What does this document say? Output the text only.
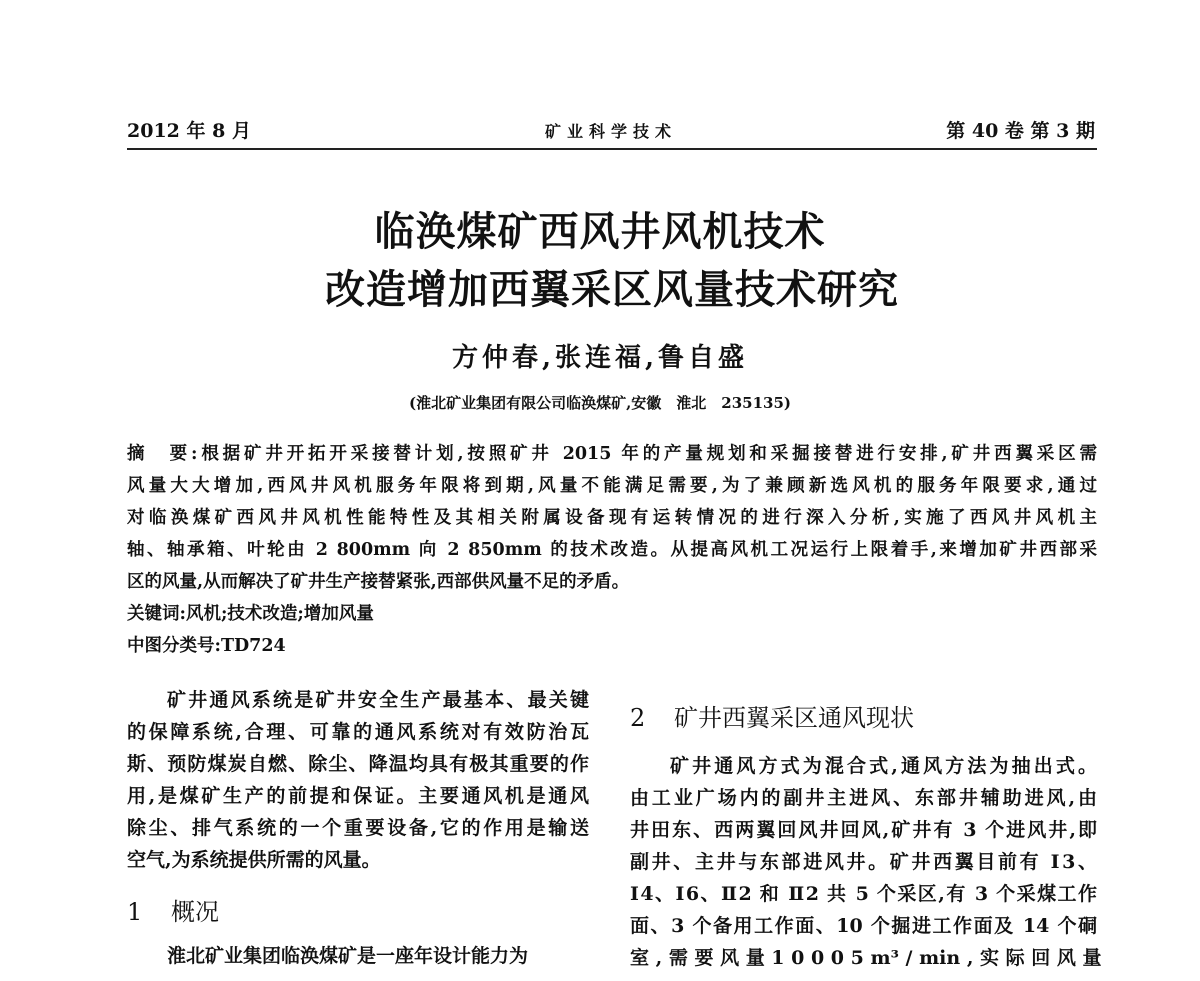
2012 年 8 月	矿业科学技术	第 40 卷 第 3 期
临涣煤矿西风井风机技术
改造增加西翼采区风量技术研究
方仲春,张连福,鲁自盛
(淮北矿业集团有限公司临涣煤矿,安徽　淮北　235135)
摘　要:根据矿井开拓开采接替计划,按照矿井 2015 年的产量规划和采掘接替进行安排,矿井西翼采区需
风量大大增加,西风井风机服务年限将到期,风量不能满足需要,为了兼顾新选风机的服务年限要求,通过
对临涣煤矿西风井风机性能特性及其相关附属设备现有运转情况的进行深入分析,实施了西风井风机主
轴、轴承箱、叶轮由 2 800mm 向 2 850mm 的技术改造。从提高风机工况运行上限着手,来增加矿井西部采
区的风量,从而解决了矿井生产接替紧张,西部供风量不足的矛盾。
关键词:风机;技术改造;增加风量
中图分类号:TD724
矿井通风系统是矿井安全生产最基本、最关键
的保障系统,合理、可靠的通风系统对有效防治瓦
斯、预防煤炭自燃、除尘、降温均具有极其重要的作
用,是煤矿生产的前提和保证。主要通风机是通风
除尘、排气系统的一个重要设备,它的作用是输送
空气,为系统提供所需的风量。
1 概况
淮北矿业集团临涣煤矿是一座年设计能力为
2 矿井西翼采区通风现状
矿井通风方式为混合式,通风方法为抽出式。
由工业广场内的副井主进风、东部井辅助进风,由
井田东、西两翼回风井回风,矿井有 3 个进风井,即
副井、主井与东部进风井。矿井西翼目前有 Ⅰ3、
Ⅰ4、Ⅰ6、Ⅱ2 和 Ⅱ2 共 5 个采区,有 3 个采煤工作
面、3 个备用工作面、10 个掘进工作面及 14 个硐
室 , 需 要 风 量 1 0 0 0 5 m³ / min , 实 际 回 风 量
